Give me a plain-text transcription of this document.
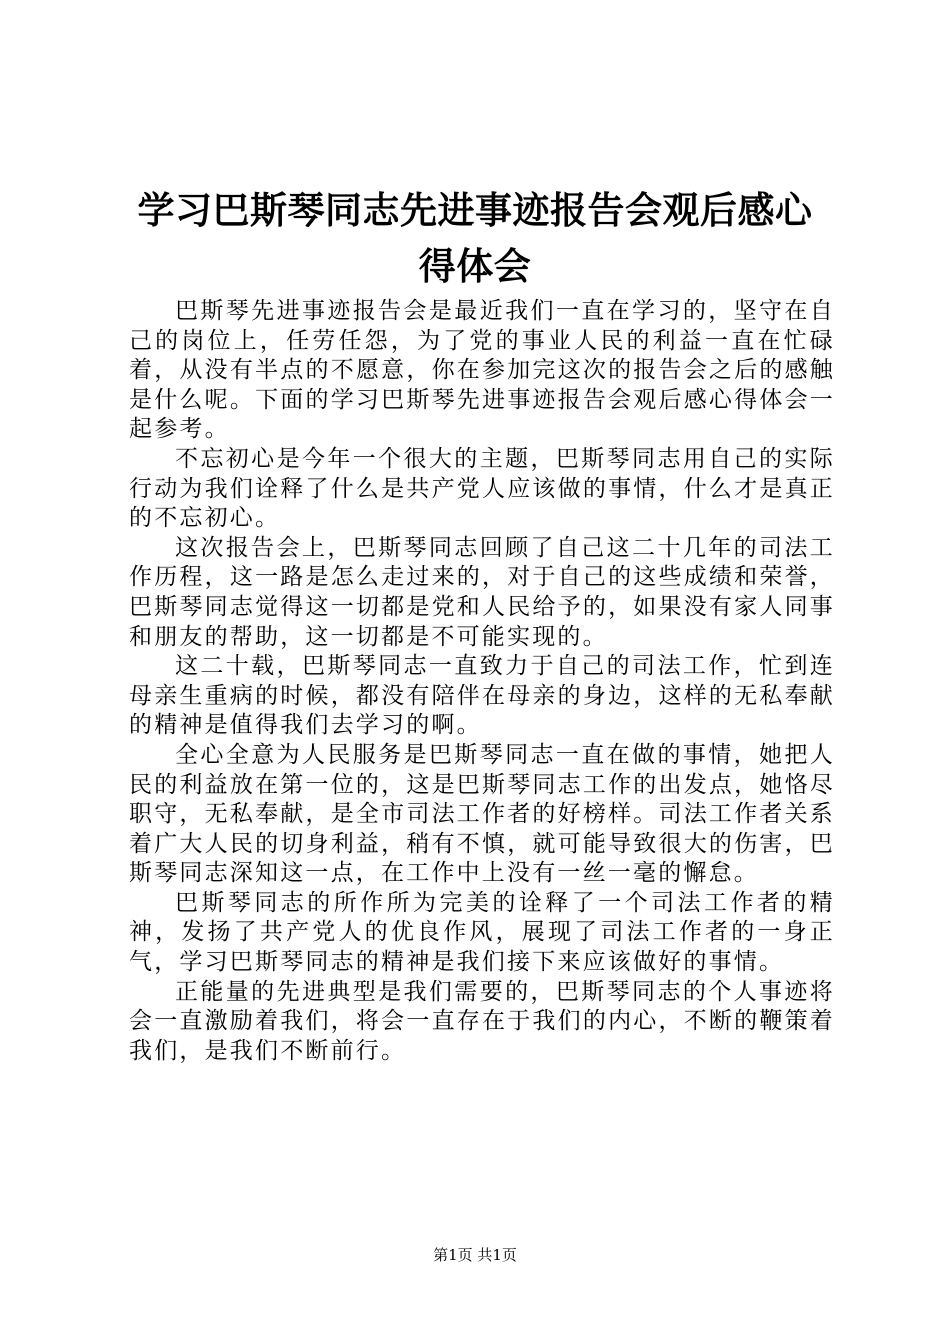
学习巴斯琴同志先进事迹报告会观后感心得体会

巴斯琴先进事迹报告会是最近我们一直在学习的，坚守在自己的岗位上，任劳任怨，为了党的事业人民的利益一直在忙碌着，从没有半点的不愿意，你在参加完这次的报告会之后的感触是什么呢。下面的学习巴斯琴先进事迹报告会观后感心得体会一起参考。

不忘初心是今年一个很大的主题，巴斯琴同志用自己的实际行动为我们诠释了什么是共产党人应该做的事情，什么才是真正的不忘初心。

这次报告会上，巴斯琴同志回顾了自己这二十几年的司法工作历程，这一路是怎么走过来的，对于自己的这些成绩和荣誉，巴斯琴同志觉得这一切都是党和人民给予的，如果没有家人同事和朋友的帮助，这一切都是不可能实现的。

这二十载，巴斯琴同志一直致力于自己的司法工作，忙到连母亲生重病的时候，都没有陪伴在母亲的身边，这样的无私奉献的精神是值得我们去学习的啊。

全心全意为人民服务是巴斯琴同志一直在做的事情，她把人民的利益放在第一位的，这是巴斯琴同志工作的出发点，她恪尽职守，无私奉献，是全市司法工作者的好榜样。司法工作者关系着广大人民的切身利益，稍有不慎，就可能导致很大的伤害，巴斯琴同志深知这一点，在工作中上没有一丝一毫的懈怠。

巴斯琴同志的所作所为完美的诠释了一个司法工作者的精神，发扬了共产党人的优良作风，展现了司法工作者的一身正气，学习巴斯琴同志的精神是我们接下来应该做好的事情。

正能量的先进典型是我们需要的，巴斯琴同志的个人事迹将会一直激励着我们，将会一直存在于我们的内心，不断的鞭策着我们，是我们不断前行。

第1页 共1页
